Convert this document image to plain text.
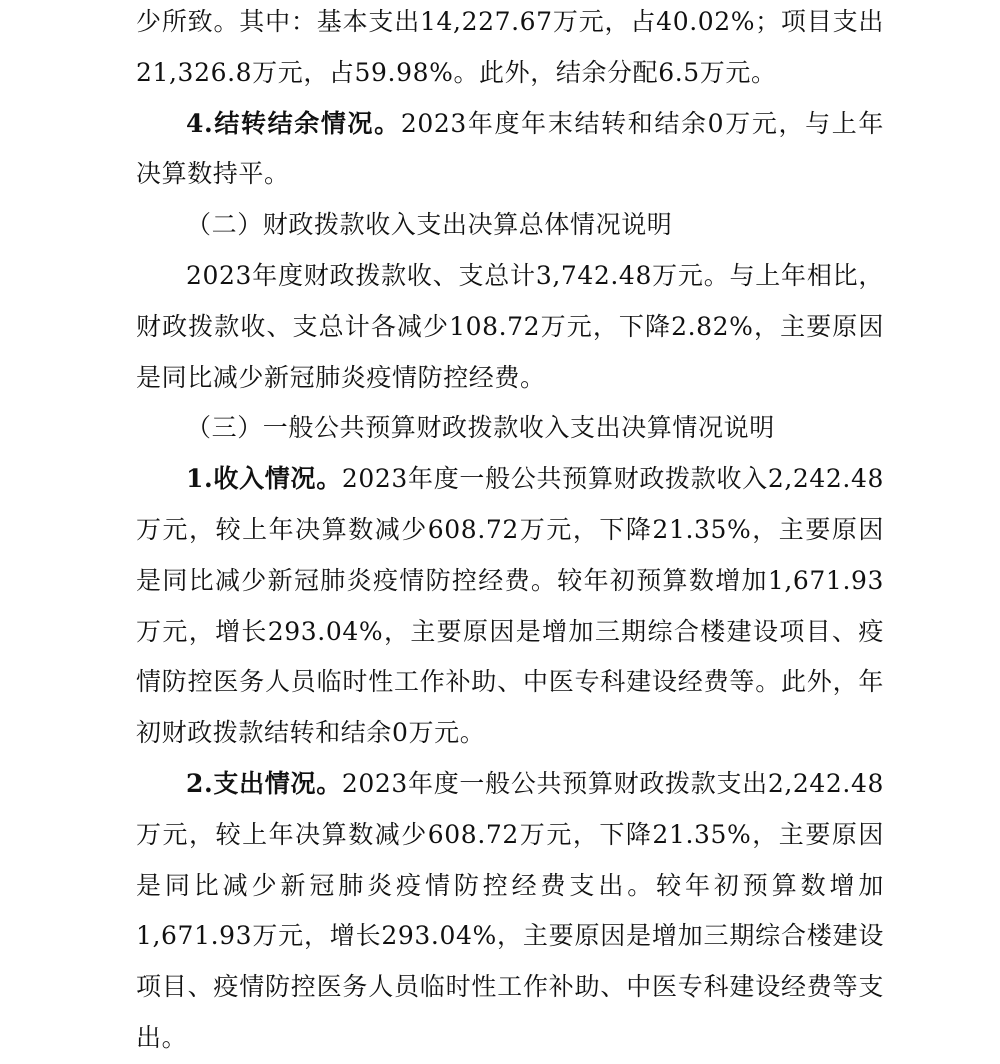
少所致。其中：基本支出14,227.67万元，占40.02%；项目支出21,326.8万元，占59.98%。此外，结余分配6.5万元。

4.结转结余情况。2023年度年末结转和结余0万元，与上年决算数持平。

（二）财政拨款收入支出决算总体情况说明

2023年度财政拨款收、支总计3,742.48万元。与上年相比，财政拨款收、支总计各减少108.72万元，下降2.82%，主要原因是同比减少新冠肺炎疫情防控经费。

（三）一般公共预算财政拨款收入支出决算情况说明

1.收入情况。2023年度一般公共预算财政拨款收入2,242.48万元，较上年决算数减少608.72万元，下降21.35%，主要原因是同比减少新冠肺炎疫情防控经费。较年初预算数增加1,671.93万元，增长293.04%，主要原因是增加三期综合楼建设项目、疫情防控医务人员临时性工作补助、中医专科建设经费等。此外，年初财政拨款结转和结余0万元。

2.支出情况。2023年度一般公共预算财政拨款支出2,242.48万元，较上年决算数减少608.72万元，下降21.35%，主要原因是同比减少新冠肺炎疫情防控经费支出。较年初预算数增加1,671.93万元，增长293.04%，主要原因是增加三期综合楼建设项目、疫情防控医务人员临时性工作补助、中医专科建设经费等支出。
